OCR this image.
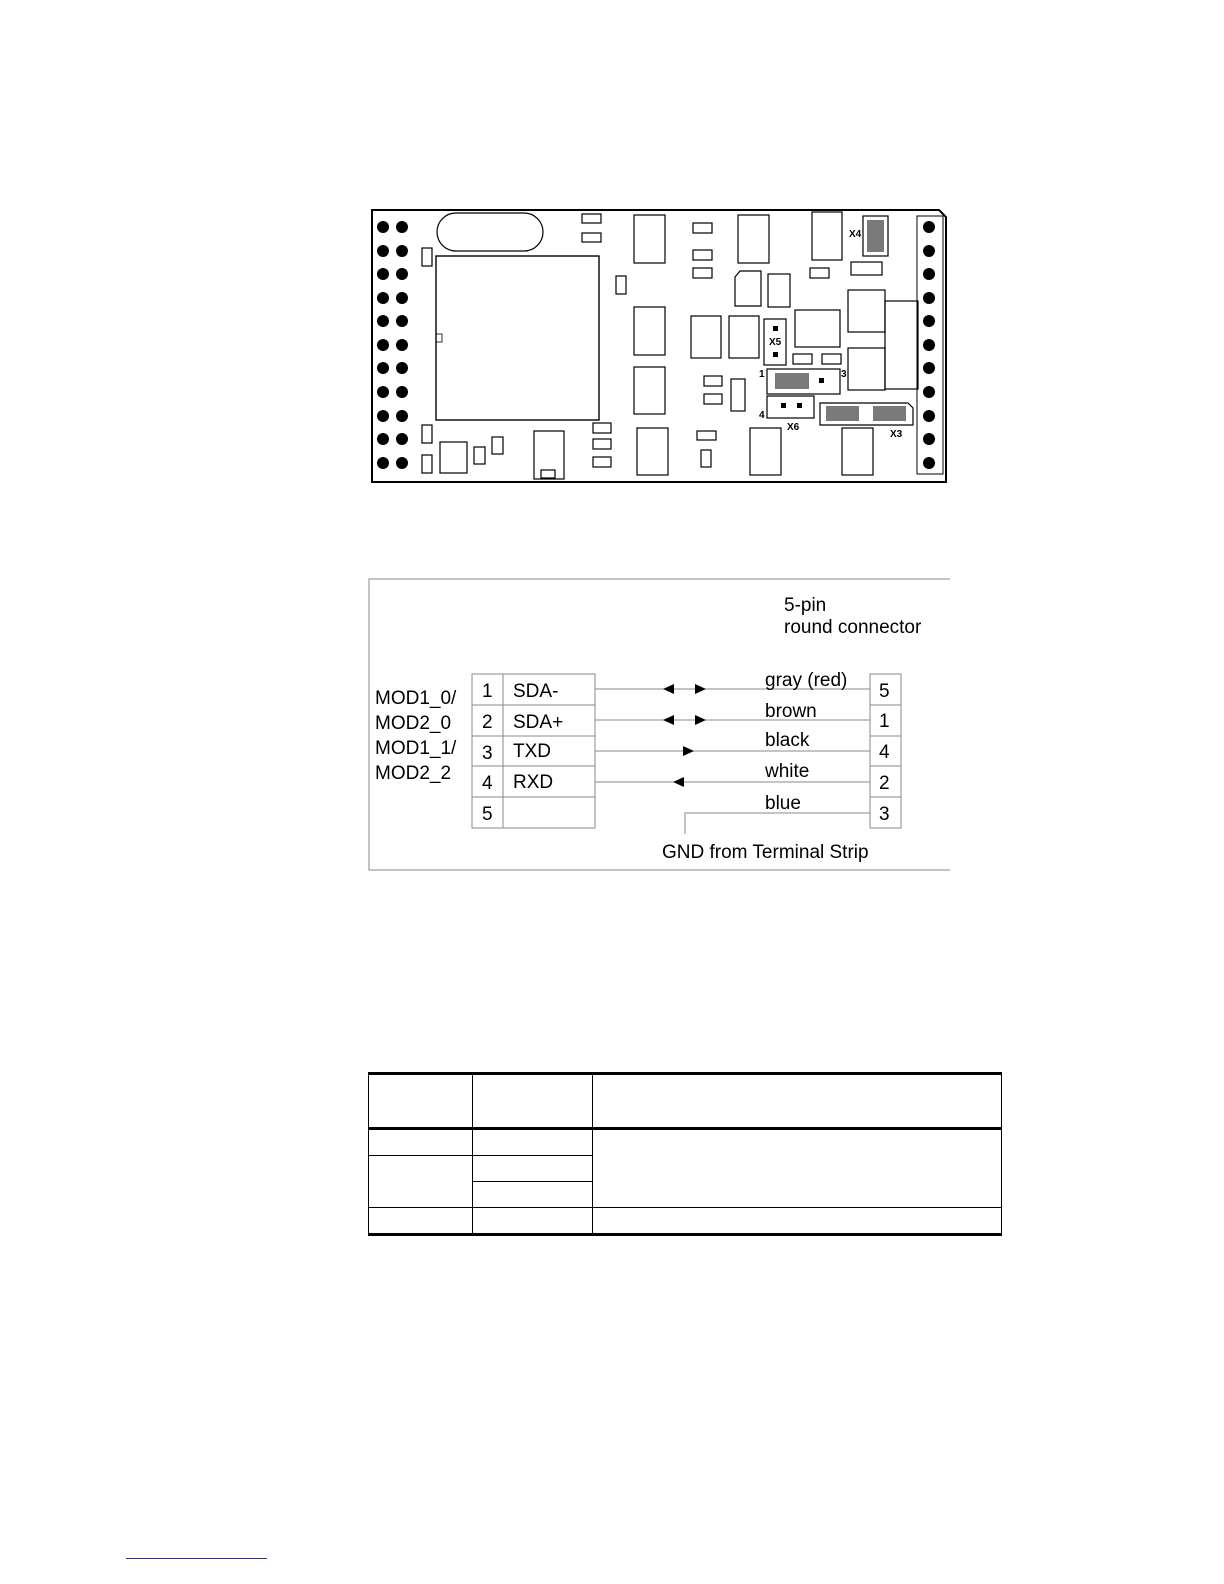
X4
X5
X6
X3
1	3
4
5-pin
round connector
MOD1_0/
MOD2_0
MOD1_1/
MOD2_2
1 SDA-
2 SDA+
3 TXD
4 RXD
5
gray (red)
brown
black
white
blue
5
1
4
2
3
GND from Terminal Strip
